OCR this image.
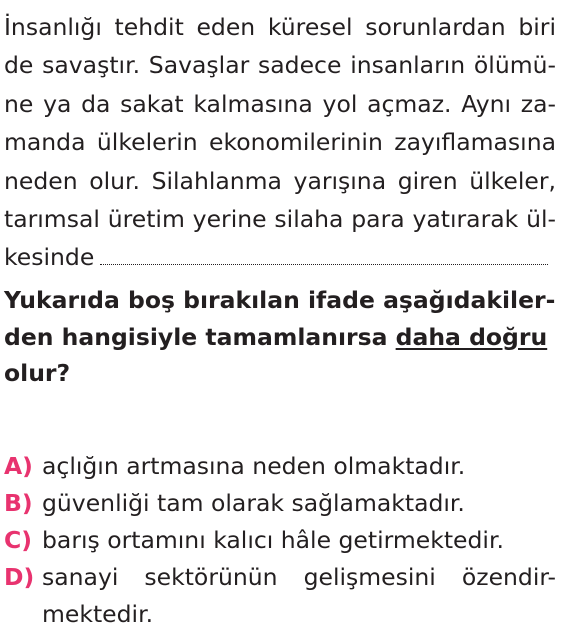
İnsanlığı tehdit eden küresel sorunlardan biri
de savaştır. Savaşlar sadece insanların ölümü-
ne ya da sakat kalmasına yol açmaz. Aynı za-
manda ülkelerin ekonomilerinin zayıflamasına
neden olur. Silahlanma yarışına giren ülkeler,
tarımsal üretim yerine silaha para yatırarak ül-
kesinde
Yukarıda boş bırakılan ifade aşağıdakiler-
den hangisiyle tamamlanırsa daha doğru
olur?
A) açlığın artmasına neden olmaktadır.
B) güvenliği tam olarak sağlamaktadır.
C) barış ortamını kalıcı hâle getirmektedir.
D) sanayi sektörünün gelişmesini özendir-
mektedir.
